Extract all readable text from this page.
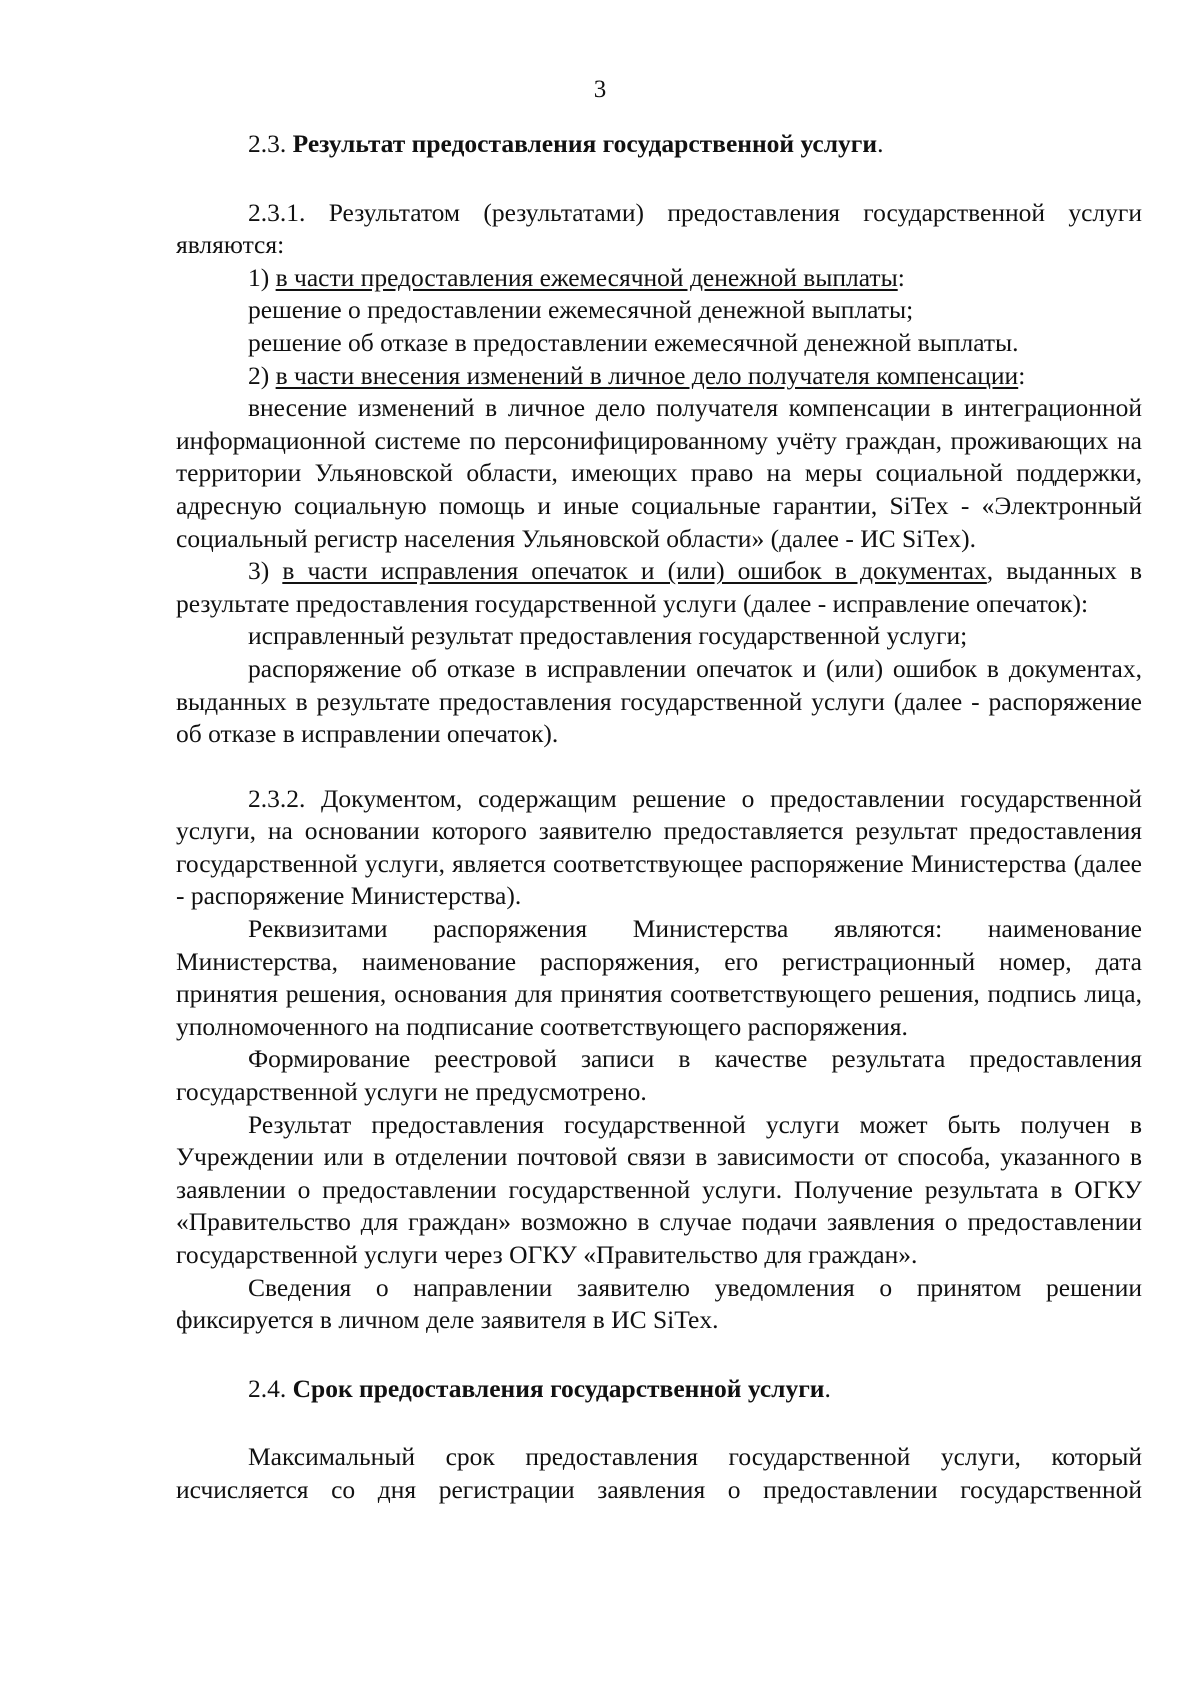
3

2.3. Результат предоставления государственной услуги.

2.3.1. Результатом (результатами) предоставления государственной услуги являются:

1) в части предоставления ежемесячной денежной выплаты:

решение о предоставлении ежемесячной денежной выплаты;

решение об отказе в предоставлении ежемесячной денежной выплаты.

2) в части внесения изменений в личное дело получателя компенсации:

внесение изменений в личное дело получателя компенсации в интеграционной информационной системе по персонифицированному учёту граждан, проживающих на территории Ульяновской области, имеющих право на меры социальной поддержки, адресную социальную помощь и иные социальные гарантии, SiTex - «Электронный социальный регистр населения Ульяновской области» (далее - ИС SiTex).

3) в части исправления опечаток и (или) ошибок в документах, выданных в результате предоставления государственной услуги (далее - исправление опечаток):

исправленный результат предоставления государственной услуги;

распоряжение об отказе в исправлении опечаток и (или) ошибок в документах, выданных в результате предоставления государственной услуги (далее - распоряжение об отказе в исправлении опечаток).

2.3.2. Документом, содержащим решение о предоставлении государственной услуги, на основании которого заявителю предоставляется результат предоставления государственной услуги, является соответствующее распоряжение Министерства (далее - распоряжение Министерства).

Реквизитами распоряжения Министерства являются: наименование Министерства, наименование распоряжения, его регистрационный номер, дата принятия решения, основания для принятия соответствующего решения, подпись лица, уполномоченного на подписание соответствующего распоряжения.

Формирование реестровой записи в качестве результата предоставления государственной услуги не предусмотрено.

Результат предоставления государственной услуги может быть получен в Учреждении или в отделении почтовой связи в зависимости от способа, указанного в заявлении о предоставлении государственной услуги. Получение результата в ОГКУ «Правительство для граждан» возможно в случае подачи заявления о предоставлении государственной услуги через ОГКУ «Правительство для граждан».

Сведения о направлении заявителю уведомления о принятом решении фиксируется в личном деле заявителя в ИС SiTex.

2.4. Срок предоставления государственной услуги.

Максимальный срок предоставления государственной услуги, который исчисляется со дня регистрации заявления о предоставлении государственной
